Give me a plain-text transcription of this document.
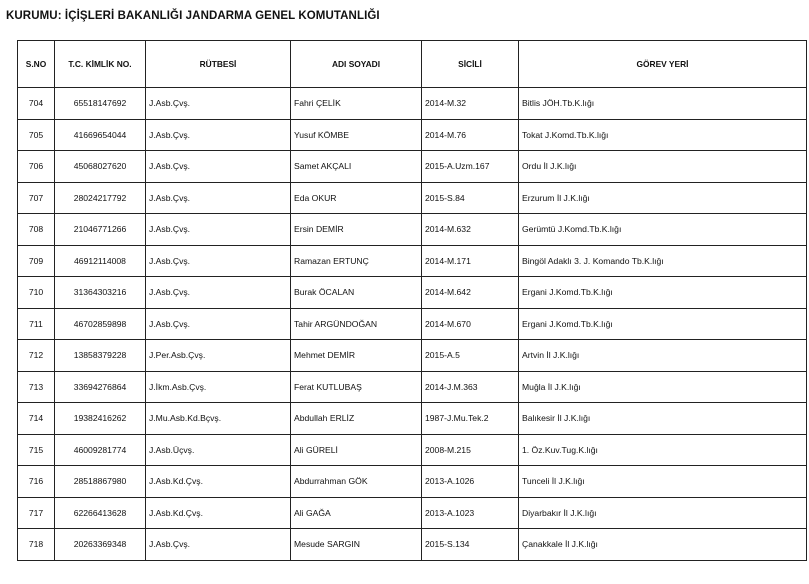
KURUMU: İÇİŞLERİ BAKANLIĞI JANDARMA GENEL KOMUTANLIĞI
S.NO	T.C. KİMLİK NO.	RÜTBESİ	ADI SOYADI	SİCİLİ	GÖREV YERİ
704	65518147692	J.Asb.Çvş.	Fahri ÇELİK	2014-M.32	Bitlis JÖH.Tb.K.lığı
705	41669654044	J.Asb.Çvş.	Yusuf KÖMBE	2014-M.76	Tokat J.Komd.Tb.K.lığı
706	45068027620	J.Asb.Çvş.	Samet AKÇALI	2015-A.Uzm.167	Ordu İl J.K.lığı
707	28024217792	J.Asb.Çvş.	Eda OKUR	2015-S.84	Erzurum İl J.K.lığı
708	21046771266	J.Asb.Çvş.	Ersin DEMİR	2014-M.632	Gerümtü J.Komd.Tb.K.lığı
709	46912114008	J.Asb.Çvş.	Ramazan ERTUNÇ	2014-M.171	Bingöl Adaklı 3. J. Komando Tb.K.lığı
710	31364303216	J.Asb.Çvş.	Burak ÖCALAN	2014-M.642	Ergani J.Komd.Tb.K.lığı
711	46702859898	J.Asb.Çvş.	Tahir ARGÜNDOĞAN	2014-M.670	Ergani J.Komd.Tb.K.lığı
712	13858379228	J.Per.Asb.Çvş.	Mehmet DEMİR	2015-A.5	Artvin İl J.K.lığı
713	33694276864	J.İkm.Asb.Çvş.	Ferat KUTLUBAŞ	2014-J.M.363	Muğla İl J.K.lığı
714	19382416262	J.Mu.Asb.Kd.Bçvş.	Abdullah ERLİZ	1987-J.Mu.Tek.2	Balıkesir İl J.K.lığı
715	46009281774	J.Asb.Üçvş.	Ali GÜRELİ	2008-M.215	1. Öz.Kuv.Tug.K.lığı
716	28518867980	J.Asb.Kd.Çvş.	Abdurrahman GÖK	2013-A.1026	Tunceli İl J.K.lığı
717	62266413628	J.Asb.Kd.Çvş.	Ali GAĞA	2013-A.1023	Diyarbakır İl J.K.lığı
718	20263369348	J.Asb.Çvş.	Mesude SARGIN	2015-S.134	Çanakkale İl J.K.lığı
